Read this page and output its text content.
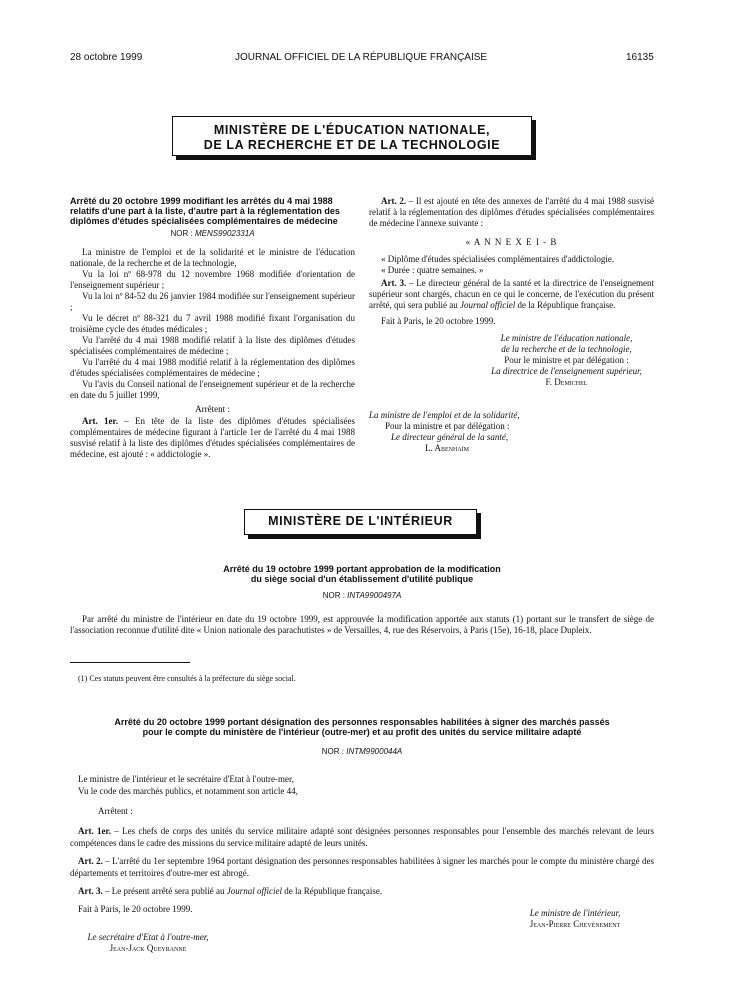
28 octobre 1999	JOURNAL OFFICIEL DE LA RÉPUBLIQUE FRANÇAISE	16135
MINISTÈRE DE L'ÉDUCATION NATIONALE,
DE LA RECHERCHE ET DE LA TECHNOLOGIE
Arrêté du 20 octobre 1999 modifiant les arrêtés du 4 mai 1988 relatifs d'une part à la liste, d'autre part à la réglementation des diplômes d'études spécialisées complémentaires de médecine
NOR : MENS9902331A

La ministre de l'emploi et de la solidarité et le ministre de l'éducation nationale, de la recherche et de la technologie,

Vu la loi nº 68-978 du 12 novembre 1968 modifiée d'orientation de l'enseignement supérieur ;

Vu la loi nº 84-52 du 26 janvier 1984 modifiée sur l'enseignement supérieur ;

Vu le décret nº 88-321 du 7 avril 1988 modifié fixant l'organisation du troisième cycle des études médicales ;

Vu l'arrêté du 4 mai 1988 modifié relatif à la liste des diplômes d'études spécialisées complémentaires de médecine ;

Vu l'arrêté du 4 mai 1988 modifié relatif à la réglementation des diplômes d'études spécialisées complémentaires de médecine ;

Vu l'avis du Conseil national de l'enseignement supérieur et de la recherche en date du 5 juillet 1999,

Arrêtent :

Art. 1er. – En tête de la liste des diplômes d'études spécialisées complémentaires de médecine figurant à l'article 1er de l'arrêté du 4 mai 1988 susvisé relatif à la liste des diplômes d'études spécialisées complémentaires de médecine, est ajouté : « addictologie ».

Art. 2. – Il est ajouté en tête des annexes de l'arrêté du 4 mai 1988 susvisé relatif à la réglementation des diplômes d'études spécialisées complémentaires de médecine l'annexe suivante :

« A N N E X E I - B

« Diplôme d'études spécialisées complémentaires d'addictologie.

« Durée : quatre semaines. »

Art. 3. – Le directeur général de la santé et la directrice de l'enseignement supérieur sont chargés, chacun en ce qui le concerne, de l'exécution du présent arrêté, qui sera publié au Journal officiel de la République française.

Fait à Paris, le 20 octobre 1999.

Le ministre de l'éducation nationale,
de la recherche et de la technologie,
Pour le ministre et par délégation :
La directrice de l'enseignement supérieur,
F. Demichel
La ministre de l'emploi et de la solidarité,
Pour la ministre et par délégation :
Le directeur général de la santé,
L. Abenhaïm
MINISTÈRE DE L'INTÉRIEUR
Arrêté du 19 octobre 1999 portant approbation de la modification
du siège social d'un établissement d'utilité publique
NOR : INTA9900497A

Par arrêté du ministre de l'intérieur en date du 19 octobre 1999, est approuvée la modification apportée aux statuts (1) portant sur le transfert de siège de l'association reconnue d'utilité dite « Union nationale des parachutistes » de Versailles, 4, rue des Réservoirs, à Paris (15e), 16-18, place Dupleix.

(1) Ces statuts peuvent être consultés à la préfecture du siège social.
Arrêté du 20 octobre 1999 portant désignation des personnes responsables habilitées à signer des marchés passés
pour le compte du ministère de l'intérieur (outre-mer) et au profit des unités du service militaire adapté
NOR : INTM9900044A

Le ministre de l'intérieur et le secrétaire d'Etat à l'outre-mer,

Vu le code des marchés publics, et notamment son article 44,

Arrêtent :

Art. 1er. – Les chefs de corps des unités du service militaire adapté sont désignées personnes responsables pour l'ensemble des marchés relevant de leurs compétences dans le cadre des missions du service militaire adapté de leurs unités.

Art. 2. – L'arrêté du 1er septembre 1964 portant désignation des personnes responsables habilitées à signer les marchés pour le compte du ministère chargé des départements et territoires d'outre-mer est abrogé.

Art. 3. – Le présent arrêté sera publié au Journal officiel de la République française.

Fait à Paris, le 20 octobre 1999.	Le ministre de l'intérieur,
Jean-Pierre Chevènement
Le secrétaire d'Etat à l'outre-mer,
Jean-Jack Queyranne
